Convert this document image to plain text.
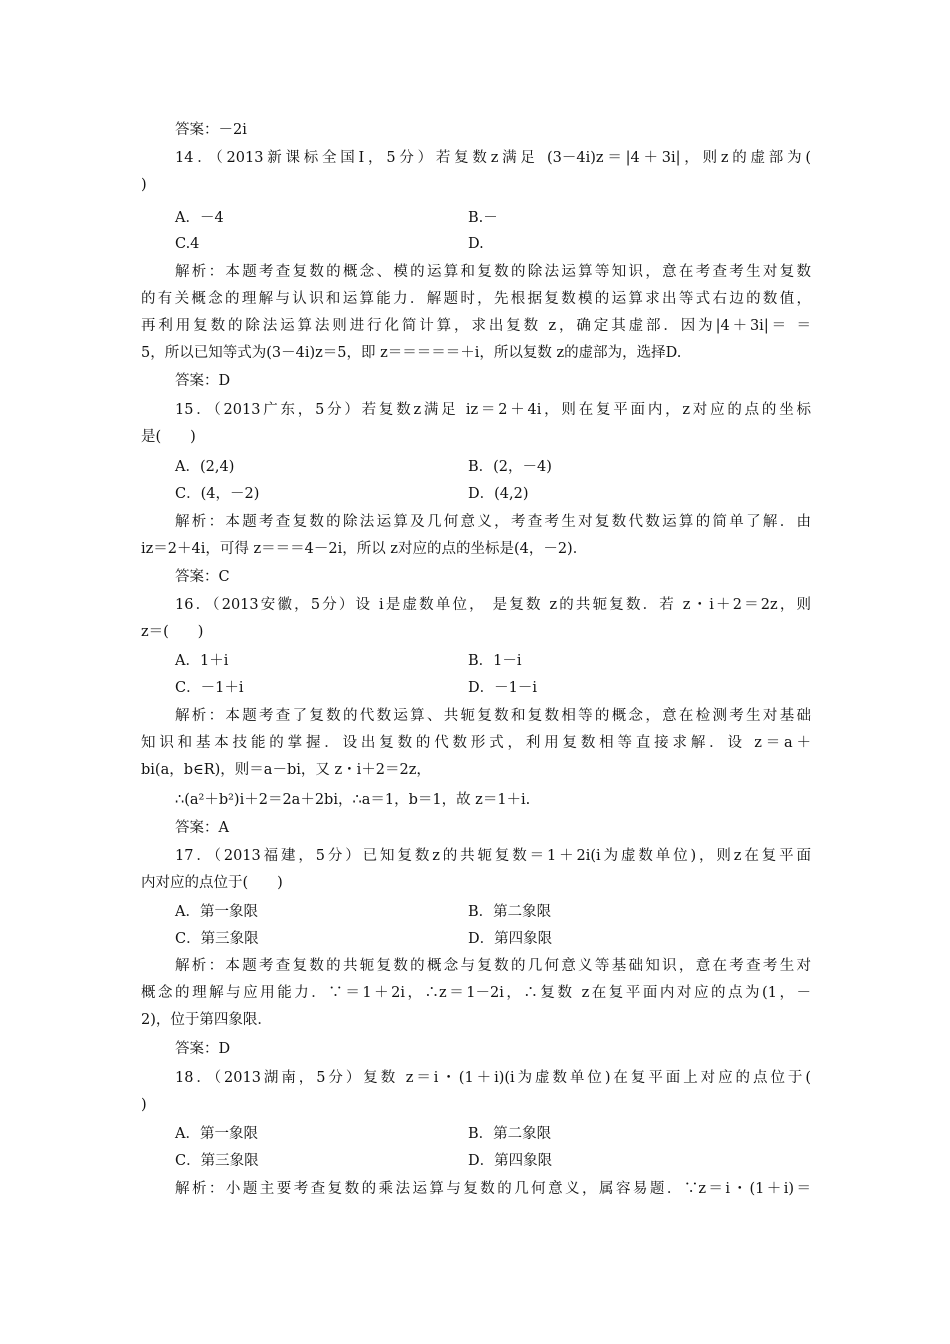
答案：－2i
14．（2013新课标全国Ⅰ，5分）若复数z满足 (3－4i)z＝|4＋3i|，则z的虚部为(
)
A．－4	B.－
C.4	D.
解析：本题考查复数的概念、模的运算和复数的除法运算等知识，意在考查考生对复数
的有关概念的理解与认识和运算能力．解题时，先根据复数模的运算求出等式右边的数值，
再利用复数的除法运算法则进行化简计算，求出复数 z，确定其虚部．因为|4＋3i|＝ ＝
5，所以已知等式为(3－4i)z＝5，即 z＝＝＝＝＝＋i，所以复数 z的虚部为，选择D.
答案：D
15．（2013广东，5分）若复数z满足 iz＝2＋4i，则在复平面内，z对应的点的坐标
是(　　)
A．(2,4)	B．(2，－4)
C．(4，－2)	D．(4,2)
解析：本题考查复数的除法运算及几何意义，考查考生对复数代数运算的简单了解．由
iz＝2＋4i，可得 z＝＝＝4－2i，所以 z对应的点的坐标是(4，－2)．
答案：C
16．（2013安徽，5分）设 i是虚数单位， 是复数 z的共轭复数．若 z・i＋2＝2z，则
z＝(　　)
A．1＋i	B．1－i
C．－1＋i	D．－1－i
解析：本题考查了复数的代数运算、共轭复数和复数相等的概念，意在检测考生对基础
知识和基本技能的掌握．设出复数的代数形式，利用复数相等直接求解．设 z＝a＋
bi(a，b∈R)，则＝a－bi，又 z・i＋2＝2z，
∴(a²＋b²)i＋2＝2a＋2bi，∴a＝1，b＝1，故 z＝1＋i.
答案：A
17．（2013福建，5分）已知复数z的共轭复数＝1＋2i(i为虚数单位)，则z在复平面
内对应的点位于(　　)
A．第一象限	B．第二象限
C．第三象限	D．第四象限
解析：本题考查复数的共轭复数的概念与复数的几何意义等基础知识，意在考查考生对
概念的理解与应用能力．∵＝1＋2i，∴z＝1－2i，∴复数 z在复平面内对应的点为(1，－
2)，位于第四象限．
答案：D
18．（2013湖南，5分）复数 z＝i・(1＋i)(i为虚数单位)在复平面上对应的点位于(
)
A．第一象限	B．第二象限
C．第三象限	D．第四象限
解析：小题主要考查复数的乘法运算与复数的几何意义，属容易题．∵z＝i・(1＋i)＝
